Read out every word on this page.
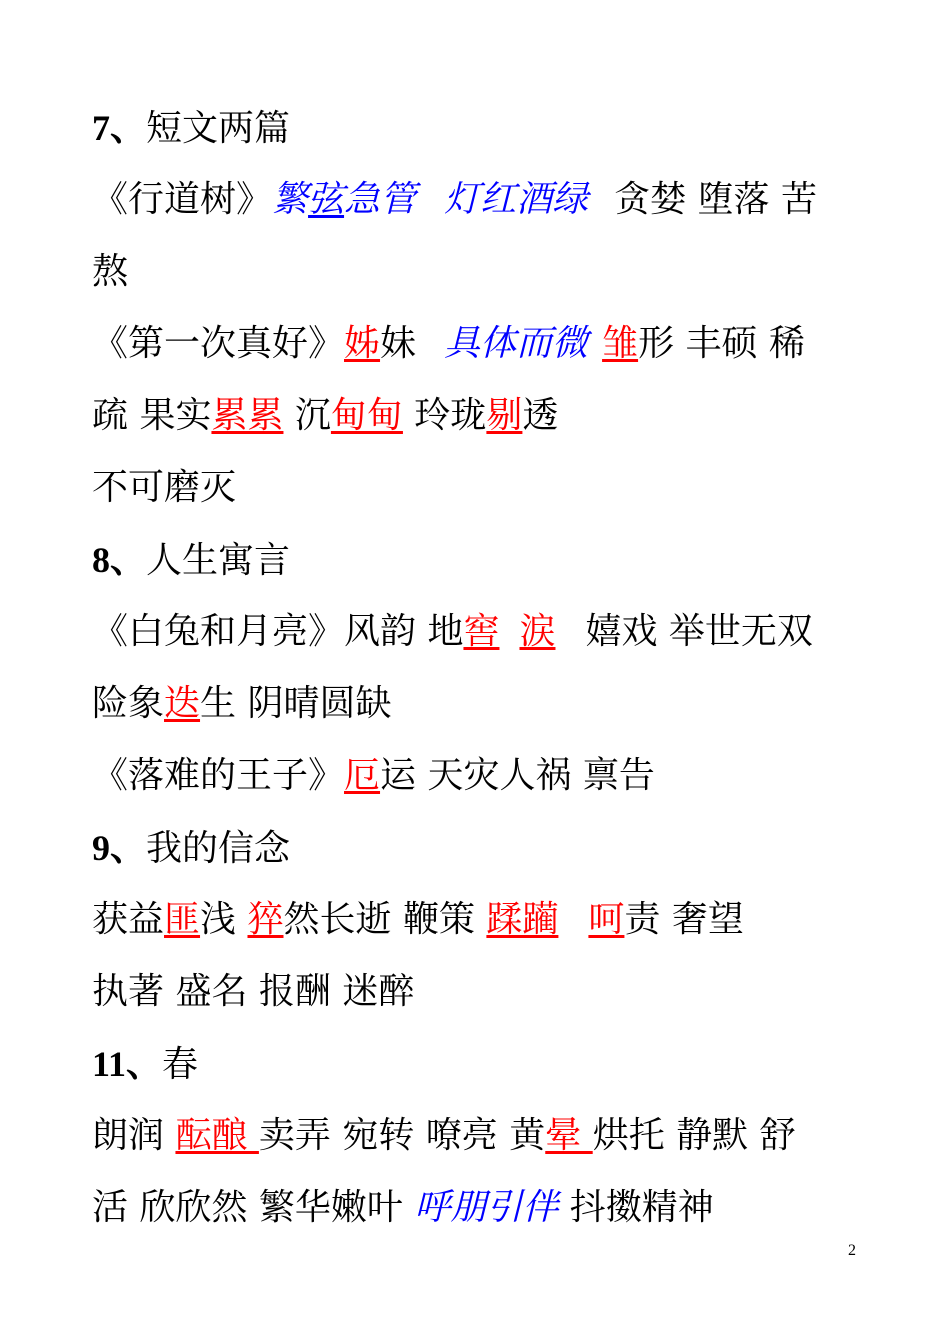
7、短文两篇
《行道树》繁弦急管 灯红酒绿 贪婪 堕落 苦
熬
《第一次真好》姊妹 具体而微 雏形 丰硕 稀
疏 果实累累 沉甸甸 玲珑剔透
不可磨灭
8、人生寓言
《白兔和月亮》风韵 地窖 涙 嬉戏 举世无双
险象迭生 阴晴圆缺
《落难的王子》厄运 天灾人祸 禀告
9、我的信念
获益匪浅 猝然长逝 鞭策 蹂躏 呵责 奢望
执著 盛名 报酬 迷醉
11、春
朗润 酝酿 卖弄 宛转 嘹亮 黄晕 烘托 静默 舒
活 欣欣然 繁华嫩叶 呼朋引伴 抖擞精神
2
